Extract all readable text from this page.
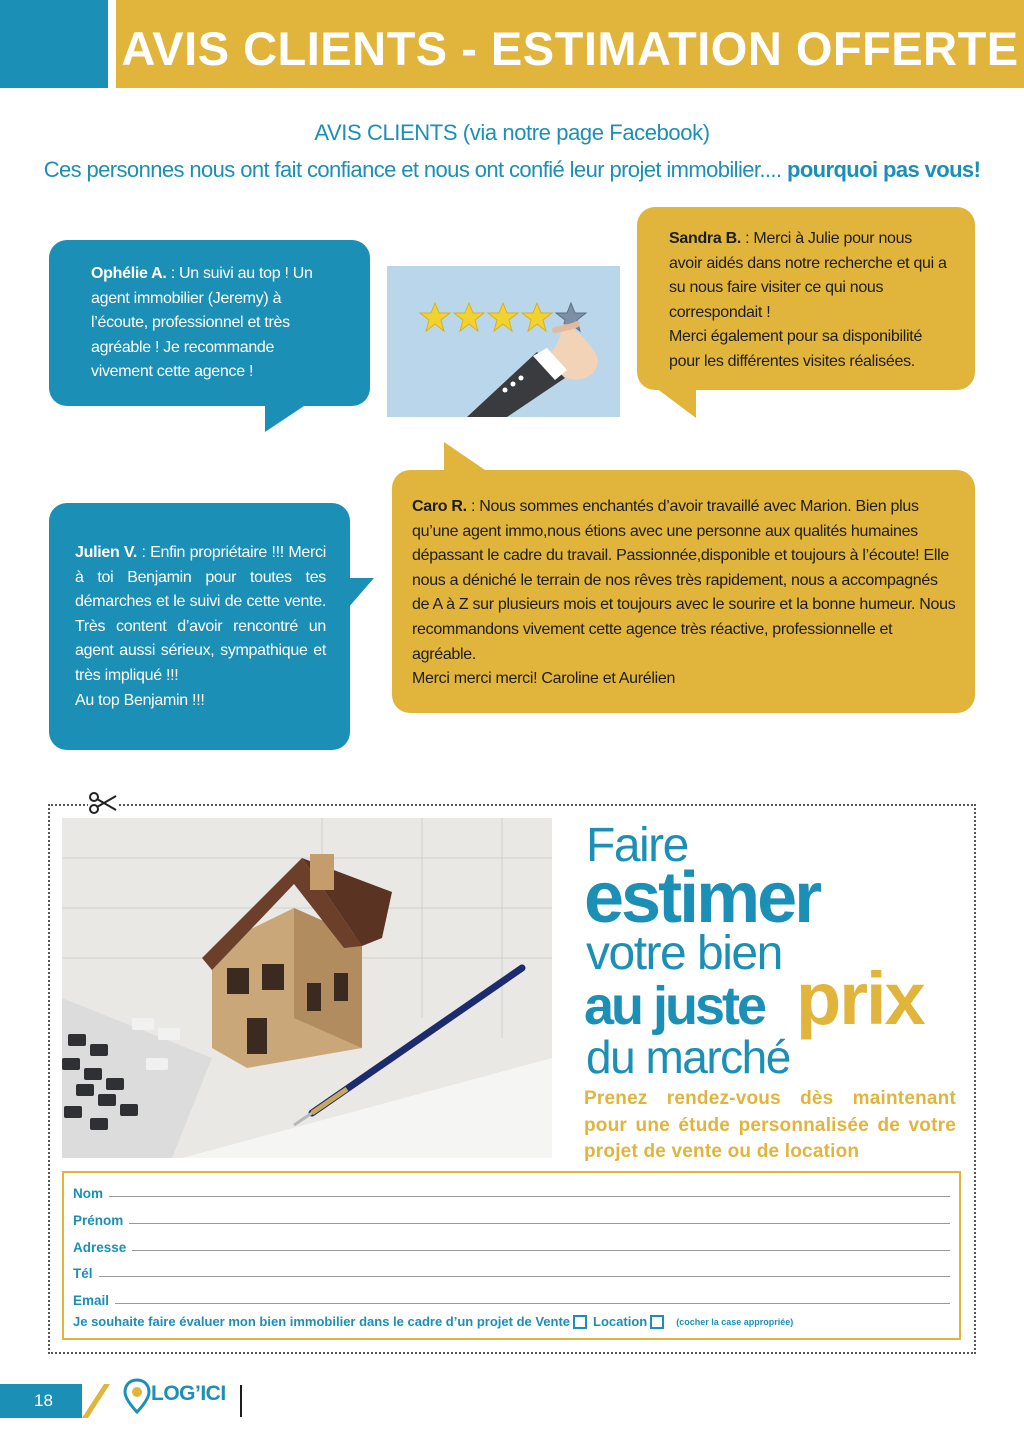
AVIS CLIENTS - ESTIMATION OFFERTE

AVIS CLIENTS (via notre page Facebook)

Ces personnes nous ont fait confiance et nous ont confié leur projet immobilier.... pourquoi pas vous!

Ophélie A. : Un suivi au top ! Un agent immobilier (Jeremy) à l’écoute, professionnel et très agréable ! Je recommande vivement cette agence !
Sandra B. : Merci à Julie pour nous avoir aidés dans notre recherche et qui a su nous faire visiter ce qui nous correspondait !
Merci également pour sa disponibilité pour les différentes visites réalisées.
Julien V. : Enfin propriétaire !!! Merci à toi Benjamin pour toutes tes démarches et le suivi de cette vente. Très content d’avoir rencontré un agent aussi sérieux, sympathique et très impliqué !!!
Au top Benjamin !!!
Caro R. : Nous sommes enchantés d’avoir travaillé avec Marion. Bien plus qu’une agent immo,nous étions avec une personne aux qualités humaines dépassant le cadre du travail. Passionnée,disponible et toujours à l’écoute! Elle nous a déniché le terrain de nos rêves très rapidement, nous a accompagnés de A à Z sur plusieurs mois et toujours avec le sourire et la bonne humeur. Nous recommandons vivement cette agence très réactive, professionnelle et agréable.
Merci merci merci! Caroline et Aurélien
Faire
estimer
votre bien
au juste prix
du marché

Prenez rendez-vous dès maintenant pour une étude personnalisée de votre projet de vente ou de location

Nom
Prénom
Adresse
Tél
Email
Je souhaite faire évaluer mon bien immobilier dans le cadre d’un projet de Vente Location	(cocher la case appropriée)
18	LOG’ICI
